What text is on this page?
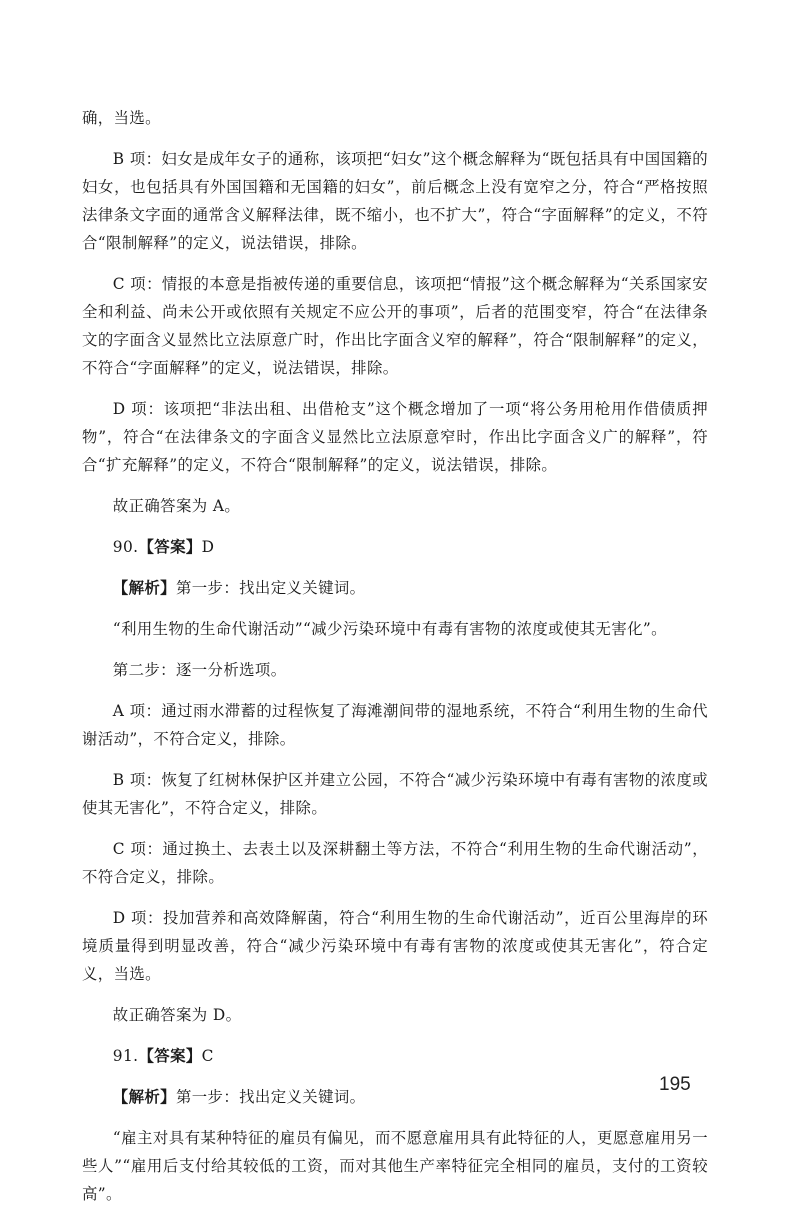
确，当选。

B 项：妇女是成年女子的通称，该项把“妇女”这个概念解释为“既包括具有中国国籍的妇女，也包括具有外国国籍和无国籍的妇女”，前后概念上没有宽窄之分，符合“严格按照法律条文字面的通常含义解释法律，既不缩小，也不扩大”，符合“字面解释”的定义，不符合“限制解释”的定义，说法错误，排除。

C 项：情报的本意是指被传递的重要信息，该项把“情报”这个概念解释为“关系国家安全和利益、尚未公开或依照有关规定不应公开的事项”，后者的范围变窄，符合“在法律条文的字面含义显然比立法原意广时，作出比字面含义窄的解释”，符合“限制解释”的定义，不符合“字面解释”的定义，说法错误，排除。

D 项：该项把“非法出租、出借枪支”这个概念增加了一项“将公务用枪用作借债质押物”，符合“在法律条文的字面含义显然比立法原意窄时，作出比字面含义广的解释”，符合“扩充解释”的定义，不符合“限制解释”的定义，说法错误，排除。

故正确答案为 A。

90.【答案】D

【解析】第一步：找出定义关键词。

“利用生物的生命代谢活动”“减少污染环境中有毒有害物的浓度或使其无害化”。

第二步：逐一分析选项。

A 项：通过雨水滞蓄的过程恢复了海滩潮间带的湿地系统，不符合“利用生物的生命代谢活动”，不符合定义，排除。

B 项：恢复了红树林保护区并建立公园，不符合“减少污染环境中有毒有害物的浓度或使其无害化”，不符合定义，排除。

C 项：通过换土、去表土以及深耕翻土等方法，不符合“利用生物的生命代谢活动”，不符合定义，排除。

D 项：投加营养和高效降解菌，符合“利用生物的生命代谢活动”，近百公里海岸的环境质量得到明显改善，符合“减少污染环境中有毒有害物的浓度或使其无害化”，符合定义，当选。

故正确答案为 D。

91.【答案】C

【解析】第一步：找出定义关键词。

“雇主对具有某种特征的雇员有偏见，而不愿意雇用具有此特征的人，更愿意雇用另一些人”“雇用后支付给其较低的工资，而对其他生产率特征完全相同的雇员，支付的工资较高”。

195
